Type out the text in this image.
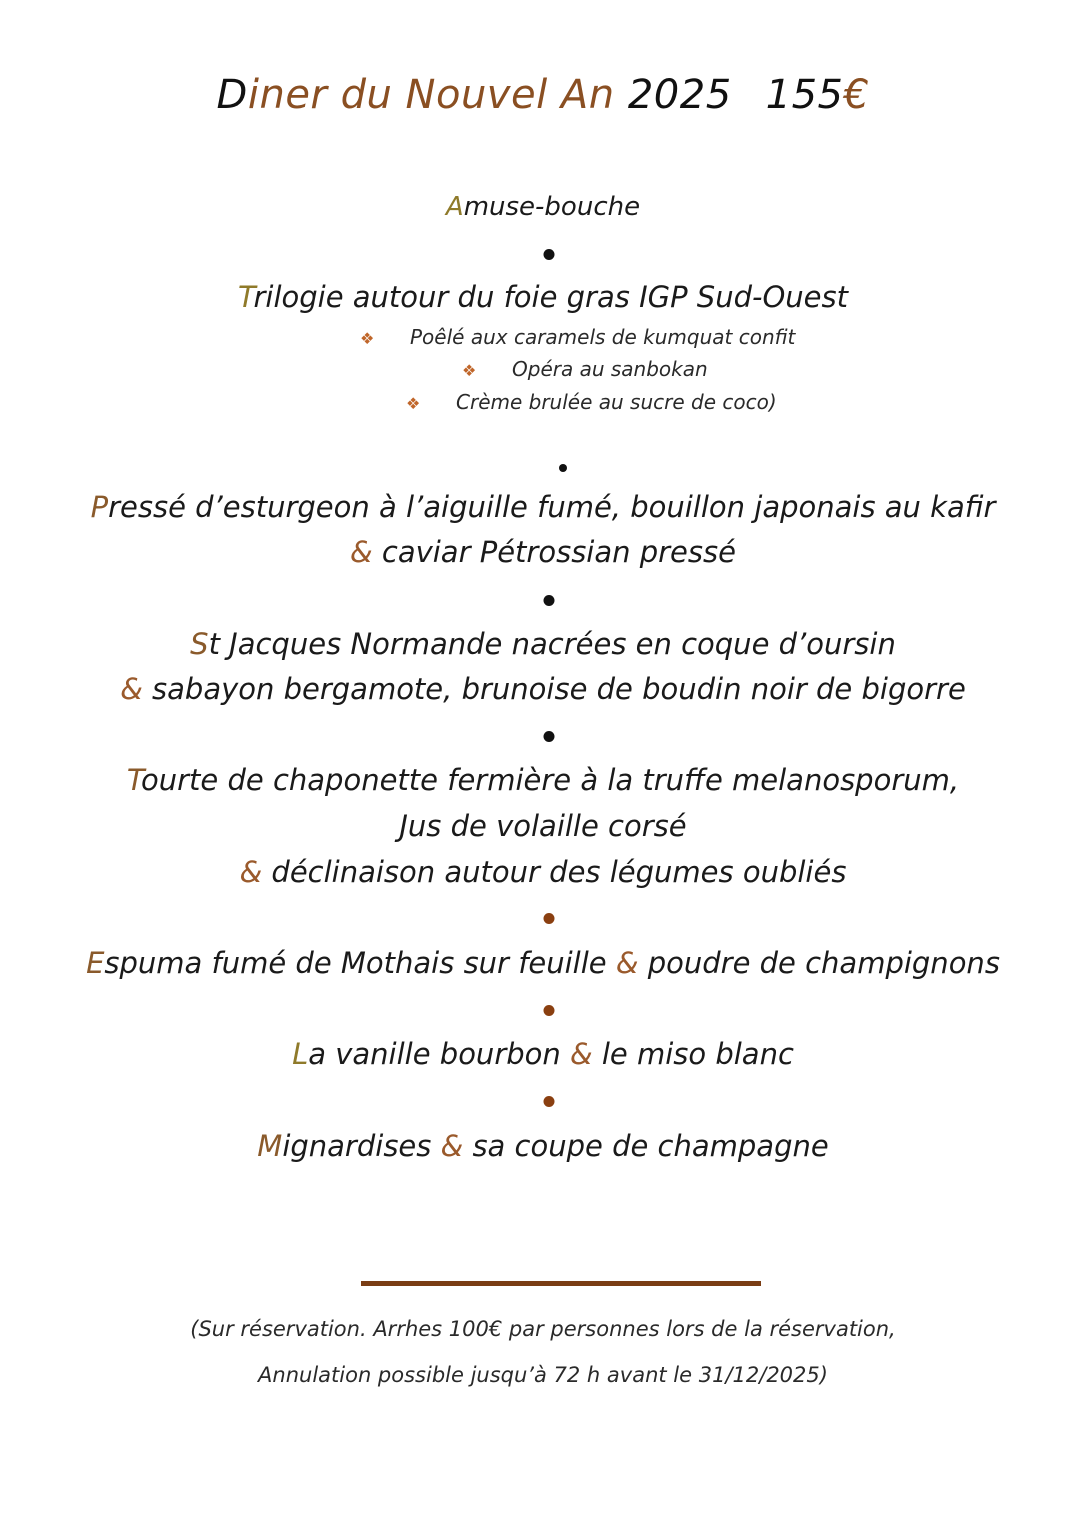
Diner du Nouvel An 2025 155€
Amuse-bouche
Trilogie autour du foie gras IGP Sud-Ouest
❖ Poêlé aux caramels de kumquat confit
❖ Opéra au sanbokan
❖ Crème brulée au sucre de coco)
Pressé d’esturgeon à l’aiguille fumé, bouillon japonais au kafir
& caviar Pétrossian pressé
St Jacques Normande nacrées en coque d’oursin
& sabayon bergamote, brunoise de boudin noir de bigorre
Tourte de chaponette fermière à la truffe melanosporum,
Jus de volaille corsé
& déclinaison autour des légumes oubliés
Espuma fumé de Mothais sur feuille & poudre de champignons
La vanille bourbon & le miso blanc
Mignardises & sa coupe de champagne
(Sur réservation. Arrhes 100€ par personnes lors de la réservation,
Annulation possible jusqu’à 72 h avant le 31/12/2025)
